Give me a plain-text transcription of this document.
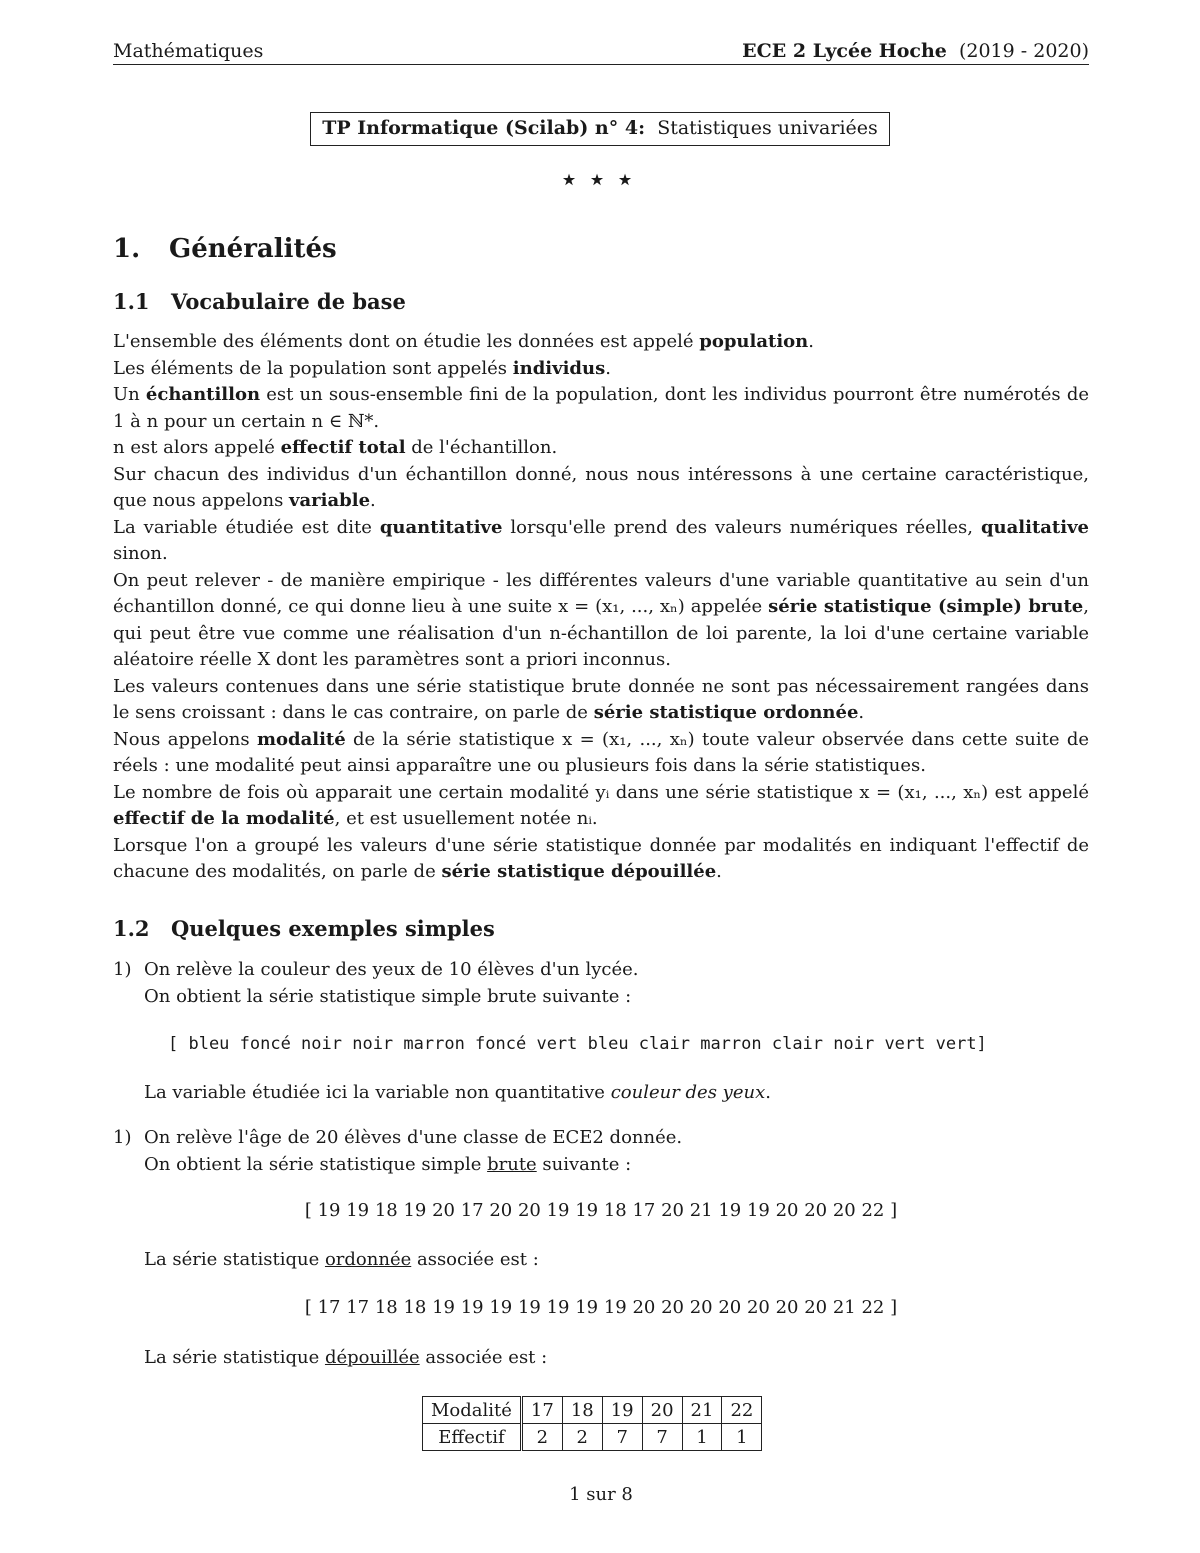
Mathématiques	ECE 2 Lycée Hoche (2019 - 2020)
TP Informatique (Scilab) n° 4: Statistiques univariées
⋆⋆⋆
1. Généralités
1.1 Vocabulaire de base

L'ensemble des éléments dont on étudie les données est appelé population.

Les éléments de la population sont appelés individus.

Un échantillon est un sous-ensemble fini de la population, dont les individus pourront être numérotés de 1 à n pour un certain n ∈ ℕ*.

n est alors appelé effectif total de l'échantillon.

Sur chacun des individus d'un échantillon donné, nous nous intéressons à une certaine caractéristique, que nous appelons variable.

La variable étudiée est dite quantitative lorsqu'elle prend des valeurs numériques réelles, qualitative sinon.

On peut relever - de manière empirique - les différentes valeurs d'une variable quantitative au sein d'un échantillon donné, ce qui donne lieu à une suite x = (x₁, ..., xₙ) appelée série statistique (simple) brute, qui peut être vue comme une réalisation d'un n-échantillon de loi parente, la loi d'une certaine variable aléatoire réelle X dont les paramètres sont a priori inconnus.

Les valeurs contenues dans une série statistique brute donnée ne sont pas nécessairement rangées dans le sens croissant : dans le cas contraire, on parle de série statistique ordonnée.

Nous appelons modalité de la série statistique x = (x₁, ..., xₙ) toute valeur observée dans cette suite de réels : une modalité peut ainsi apparaître une ou plusieurs fois dans la série statistiques.

Le nombre de fois où apparait une certain modalité yᵢ dans une série statistique x = (x₁, ..., xₙ) est appelé effectif de la modalité, et est usuellement notée nᵢ.

Lorsque l'on a groupé les valeurs d'une série statistique donnée par modalités en indiquant l'effectif de chacune des modalités, on parle de série statistique dépouillée.

1.2 Quelques exemples simples
1) On relève la couleur des yeux de 10 élèves d'un lycée.
On obtient la série statistique simple brute suivante :
[ bleu foncé noir noir marron foncé vert bleu clair marron clair noir vert vert]
La variable étudiée ici la variable non quantitative couleur des yeux.
1) On relève l'âge de 20 élèves d'une classe de ECE2 donnée.
On obtient la série statistique simple brute suivante :
[ 19 19 18 19 20 17 20 20 19 19 18 17 20 21 19 19 20 20 20 22 ]
La série statistique ordonnée associée est :
[ 17 17 18 18 19 19 19 19 19 19 19 20 20 20 20 20 20 20 21 22 ]
La série statistique dépouillée associée est :
Modalité	17	18	19	20	21	22
Effectif	2	2	7	7	1	1
1 sur 8
